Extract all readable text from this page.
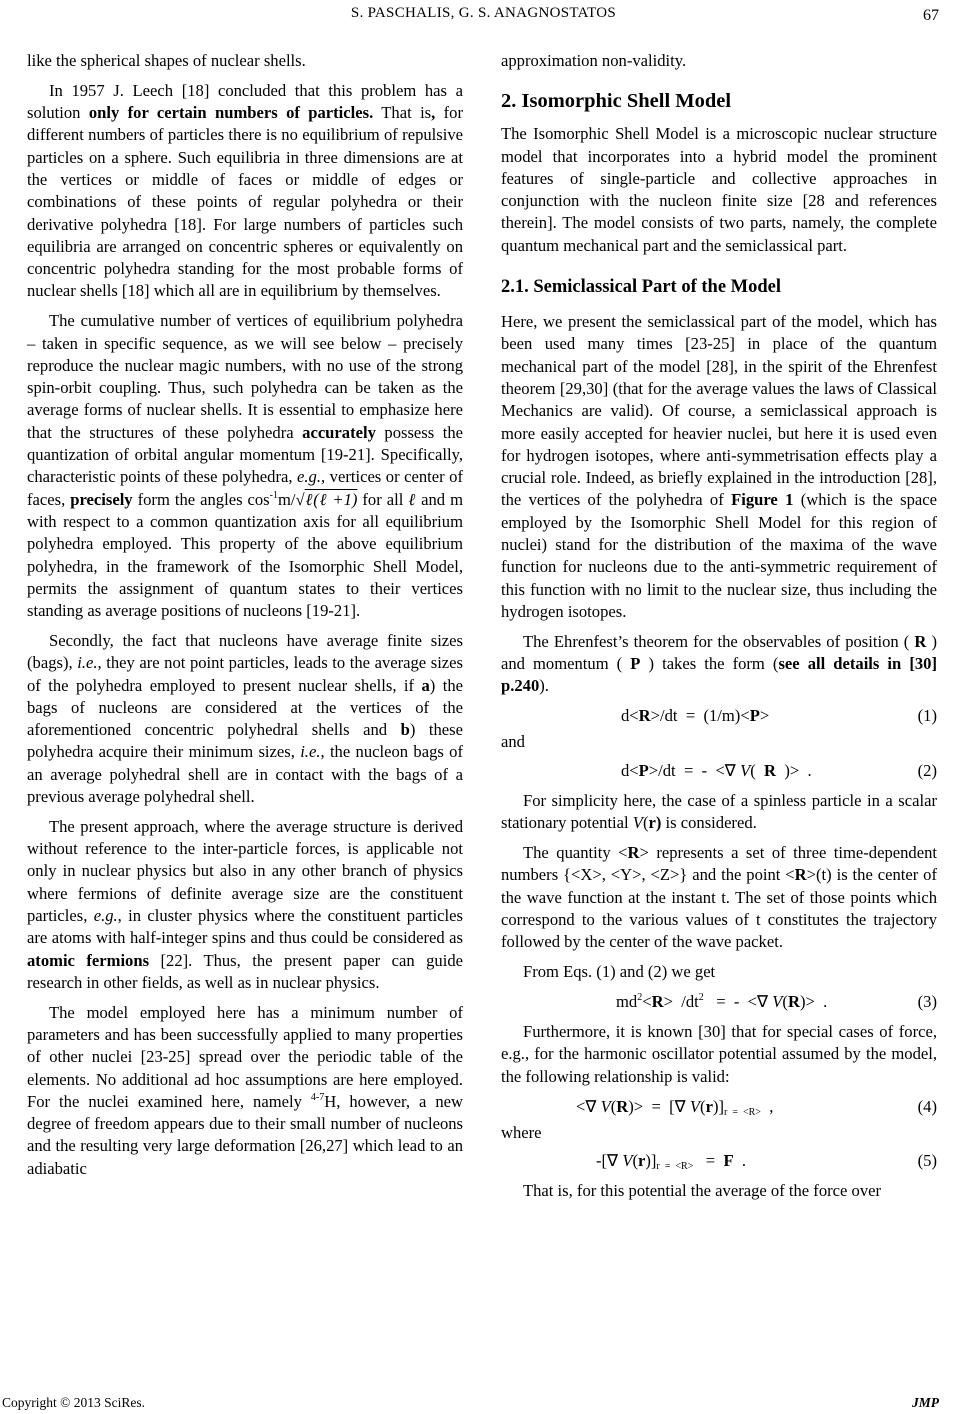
S. PASCHALIS, G. S. ANAGNOSTATOS	67

like the spherical shapes of nuclear shells.

In 1957 J. Leech [18] concluded that this problem has a solution only for certain numbers of particles. That is, for different numbers of particles there is no equilibrium of repulsive particles on a sphere. Such equilibria in three dimensions are at the vertices or middle of faces or middle of edges or combinations of these points of regular polyhedra or their derivative polyhedra [18]. For large numbers of particles such equilibria are arranged on concentric spheres or equivalently on concentric polyhedra standing for the most probable forms of nuclear shells [18] which all are in equilibrium by themselves.

The cumulative number of vertices of equilibrium polyhedra – taken in specific sequence, as we will see below – precisely reproduce the nuclear magic numbers, with no use of the strong spin-orbit coupling. Thus, such polyhedra can be taken as the average forms of nuclear shells. It is essential to emphasize here that the structures of these polyhedra accurately possess the quantization of orbital angular momentum [19-21]. Specifically, characteristic points of these polyhedra, e.g., vertices or center of faces, precisely form the angles $\cos^{-1}m/√\ell(\ell +1)$ for all ℓ and m with respect to a common quantization axis for all equilibrium polyhedra employed. This property of the above equilibrium polyhedra, in the framework of the Isomorphic Shell Model, permits the assignment of quantum states to their vertices standing as average positions of nucleons [19-21].

Secondly, the fact that nucleons have average finite sizes (bags), i.e., they are not point particles, leads to the average sizes of the polyhedra employed to present nuclear shells, if a) the bags of nucleons are considered at the vertices of the aforementioned concentric polyhedral shells and b) these polyhedra acquire their minimum sizes, i.e., the nucleon bags of an average polyhedral shell are in contact with the bags of a previous average polyhedral shell.

The present approach, where the average structure is derived without reference to the inter-particle forces, is applicable not only in nuclear physics but also in any other branch of physics where fermions of definite average size are the constituent particles, e.g., in cluster physics where the constituent particles are atoms with half-integer spins and thus could be considered as atomic fermions [22]. Thus, the present paper can guide research in other fields, as well as in nuclear physics.

The model employed here has a minimum number of parameters and has been successfully applied to many properties of other nuclei [23-25] spread over the periodic table of the elements. No additional ad hoc assumptions are here employed. For the nuclei examined here, namely $^{4-7}$H, however, a new degree of freedom appears due to their small number of nucleons and the resulting very large deformation [26,27] which lead to an adiabatic

approximation non-validity.

2. Isomorphic Shell Model

The Isomorphic Shell Model is a microscopic nuclear structure model that incorporates into a hybrid model the prominent features of single-particle and collective approaches in conjunction with the nucleon finite size [28 and references therein]. The model consists of two parts, namely, the complete quantum mechanical part and the semiclassical part.

2.1. Semiclassical Part of the Model

Here, we present the semiclassical part of the model, which has been used many times [23-25] in place of the quantum mechanical part of the model [28], in the spirit of the Ehrenfest theorem [29,30] (that for the average values the laws of Classical Mechanics are valid). Of course, a semiclassical approach is more easily accepted for heavier nuclei, but here it is used even for hydrogen isotopes, where anti-symmetrisation effects play a crucial role. Indeed, as briefly explained in the introduction [28], the vertices of the polyhedra of Figure 1 (which is the space employed by the Isomorphic Shell Model for this region of nuclei) stand for the distribution of the maxima of the wave function for nucleons due to the anti-symmetric requirement of this function with no limit to the nuclear size, thus including the hydrogen isotopes.

The Ehrenfest’s theorem for the observables of position ( R ) and momentum ( P ) takes the form (see all details in [30] p.240).

d<R>/dt  =  (1/m)<P>	(1)
and
d<P>/dt  =  -  <∇ V(  R  )>  .	(2)

For simplicity here, the case of a spinless particle in a scalar stationary potential V(r) is considered.

The quantity <R> represents a set of three time-dependent numbers {<X>, <Y>, <Z>} and the point <R>(t) is the center of the wave function at the instant t. The set of those points which correspond to the various values of t constitutes the trajectory followed by the center of the wave packet.

From Eqs. (1) and (2) we get

$md^2<R> /dt^2$   =  -  <∇ V(R)>  .	(3)

Furthermore, it is known [30] that for special cases of force, e.g., for the harmonic oscillator potential assumed by the model, the following relationship is valid:

<∇ V(R)>  =  [∇ $V(r)]_{r = <R>}$  ,	(4)
where
-[∇ $V(r)]_{r = <R>} = F$  .	(5)

That is, for this potential the average of the force over

Copyright © 2013 SciRes.	JMP
